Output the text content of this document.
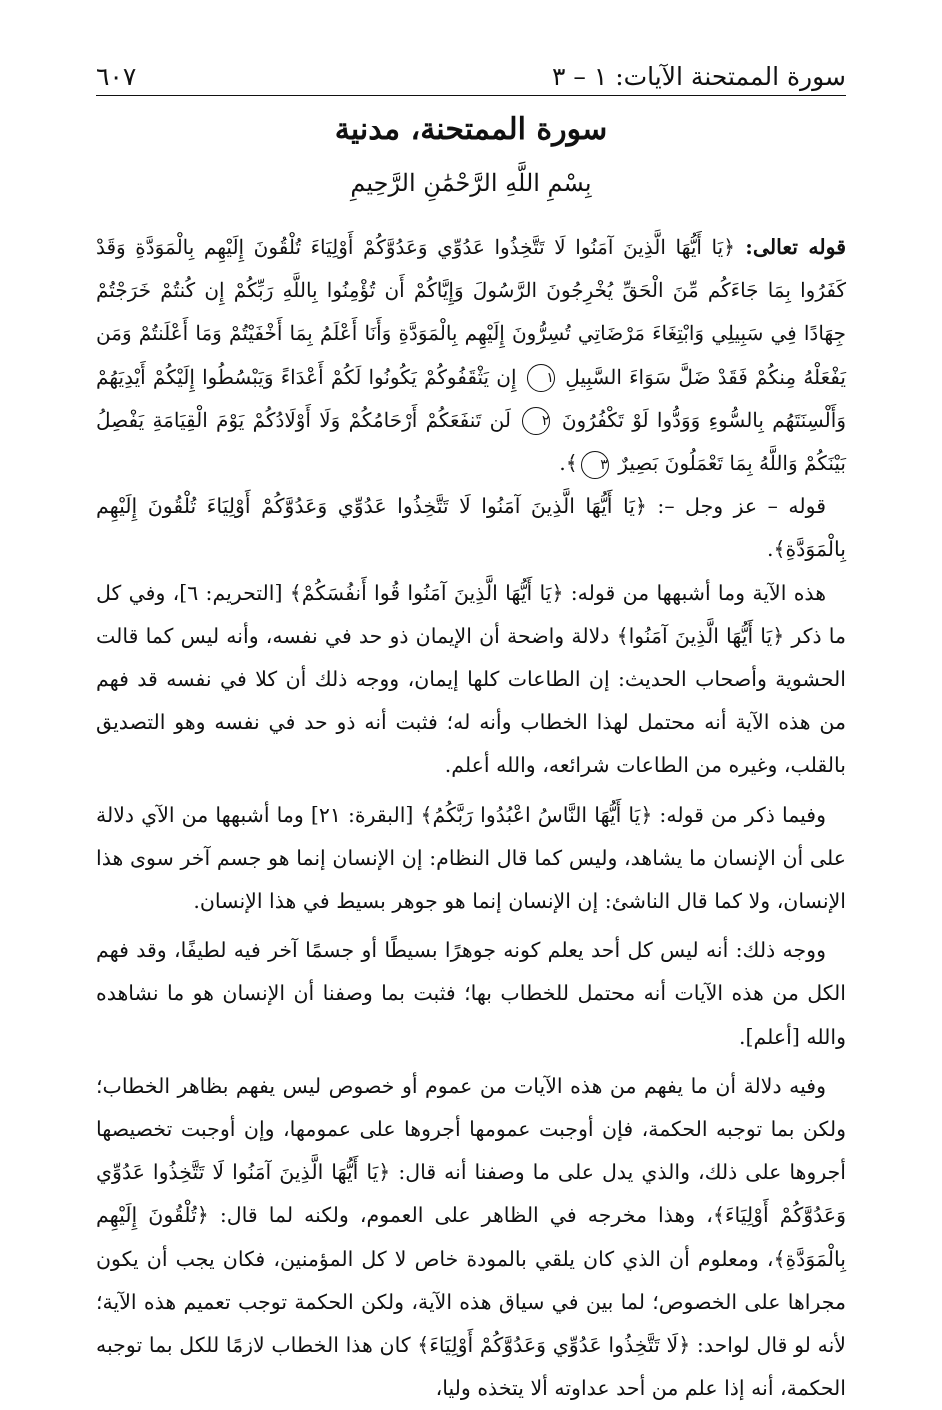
سورة الممتحنة الآيات: ١ – ٣
٦٠٧
سورة الممتحنة، مدنية
بِسْمِ اللَّهِ الرَّحْمَٰنِ الرَّحِيمِ

قوله تعالى: ﴿يَا أَيُّهَا الَّذِينَ آمَنُوا لَا تَتَّخِذُوا عَدُوِّي وَعَدُوَّكُمْ أَوْلِيَاءَ تُلْقُونَ إِلَيْهِم بِالْمَوَدَّةِ وَقَدْ كَفَرُوا بِمَا جَاءَكُم مِّنَ الْحَقِّ يُخْرِجُونَ الرَّسُولَ وَإِيَّاكُمْ أَن تُؤْمِنُوا بِاللَّهِ رَبِّكُمْ إِن كُنتُمْ خَرَجْتُمْ جِهَادًا فِي سَبِيلِي وَابْتِغَاءَ مَرْضَاتِي تُسِرُّونَ إِلَيْهِم بِالْمَوَدَّةِ وَأَنَا أَعْلَمُ بِمَا أَخْفَيْتُمْ وَمَا أَعْلَنتُمْ وَمَن يَفْعَلْهُ مِنكُمْ فَقَدْ ضَلَّ سَوَاءَ السَّبِيلِ ١ إِن يَثْقَفُوكُمْ يَكُونُوا لَكُمْ أَعْدَاءً وَيَبْسُطُوا إِلَيْكُمْ أَيْدِيَهُمْ وَأَلْسِنَتَهُم بِالسُّوءِ وَوَدُّوا لَوْ تَكْفُرُونَ ٢ لَن تَنفَعَكُمْ أَرْحَامُكُمْ وَلَا أَوْلَادُكُمْ يَوْمَ الْقِيَامَةِ يَفْصِلُ بَيْنَكُمْ وَاللَّهُ بِمَا تَعْمَلُونَ بَصِيرٌ ٣﴾.

قوله – عز وجل –: ﴿يَا أَيُّهَا الَّذِينَ آمَنُوا لَا تَتَّخِذُوا عَدُوِّي وَعَدُوَّكُمْ أَوْلِيَاءَ تُلْقُونَ إِلَيْهِم بِالْمَوَدَّةِ﴾.

هذه الآية وما أشبهها من قوله: ﴿يَا أَيُّهَا الَّذِينَ آمَنُوا قُوا أَنفُسَكُمْ﴾ [التحريم: ٦]، وفي كل ما ذكر ﴿يَا أَيُّهَا الَّذِينَ آمَنُوا﴾ دلالة واضحة أن الإيمان ذو حد في نفسه، وأنه ليس كما قالت الحشوية وأصحاب الحديث: إن الطاعات كلها إيمان، ووجه ذلك أن كلا في نفسه قد فهم من هذه الآية أنه محتمل لهذا الخطاب وأنه له؛ فثبت أنه ذو حد في نفسه وهو التصديق بالقلب، وغيره من الطاعات شرائعه، والله أعلم.

وفيما ذكر من قوله: ﴿يَا أَيُّهَا النَّاسُ اعْبُدُوا رَبَّكُمُ﴾ [البقرة: ٢١] وما أشبهها من الآي دلالة على أن الإنسان ما يشاهد، وليس كما قال النظام: إن الإنسان إنما هو جسم آخر سوى هذا الإنسان، ولا كما قال الناشئ: إن الإنسان إنما هو جوهر بسيط في هذا الإنسان.

ووجه ذلك: أنه ليس كل أحد يعلم كونه جوهرًا بسيطًا أو جسمًا آخر فيه لطيفًا، وقد فهم الكل من هذه الآيات أنه محتمل للخطاب بها؛ فثبت بما وصفنا أن الإنسان هو ما نشاهده والله [أعلم].

وفيه دلالة أن ما يفهم من هذه الآيات من عموم أو خصوص ليس يفهم بظاهر الخطاب؛ ولكن بما توجبه الحكمة، فإن أوجبت عمومها أجروها على عمومها، وإن أوجبت تخصيصها أجروها على ذلك، والذي يدل على ما وصفنا أنه قال: ﴿يَا أَيُّهَا الَّذِينَ آمَنُوا لَا تَتَّخِذُوا عَدُوِّي وَعَدُوَّكُمْ أَوْلِيَاءَ﴾، وهذا مخرجه في الظاهر على العموم، ولكنه لما قال: ﴿تُلْقُونَ إِلَيْهِم بِالْمَوَدَّةِ﴾، ومعلوم أن الذي كان يلقي بالمودة خاص لا كل المؤمنين، فكان يجب أن يكون مجراها على الخصوص؛ لما بين في سياق هذه الآية، ولكن الحكمة توجب تعميم هذه الآية؛ لأنه لو قال لواحد: ﴿لَا تَتَّخِذُوا عَدُوِّي وَعَدُوَّكُمْ أَوْلِيَاءَ﴾ كان هذا الخطاب لازمًا للكل بما توجبه الحكمة، أنه إذا علم من أحد عداوته ألا يتخذه وليا،
